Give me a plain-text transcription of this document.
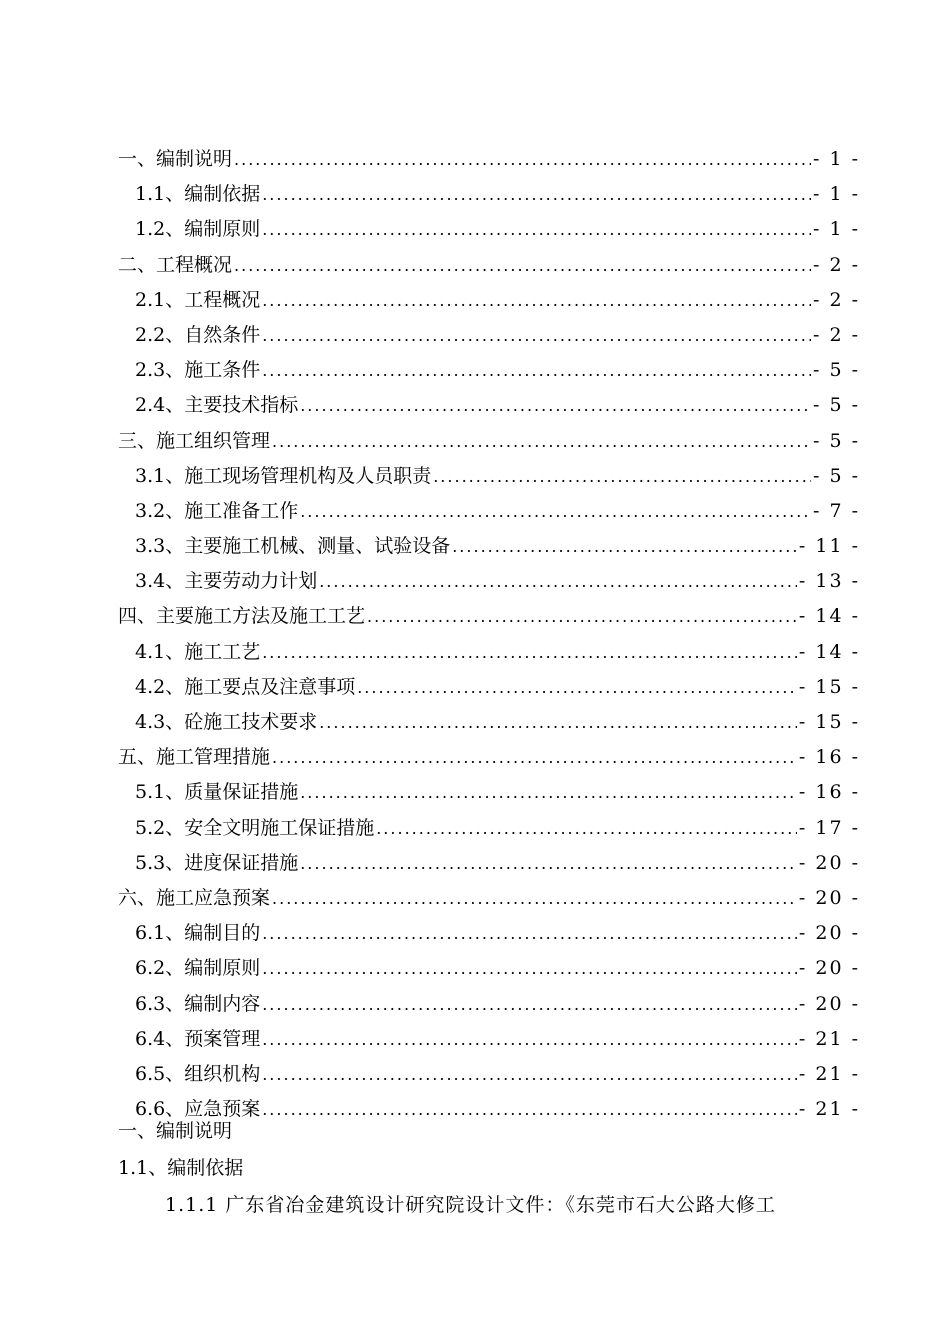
一、编制说明 .....	- 1 -
1.1、编制依据 .....	- 1 -
1.2、编制原则 .....	- 1 -
二、工程概况 .....	- 2 -
2.1、工程概况 .....	- 2 -
2.2、自然条件 .....	- 2 -
2.3、施工条件 .....	- 5 -
2.4、主要技术指标 .....	- 5 -
三、施工组织管理 .....	- 5 -
3.1、施工现场管理机构及人员职责 .....	- 5 -
3.2、施工准备工作 .....	- 7 -
3.3、主要施工机械、测量、试验设备 .....	- 11 -
3.4、主要劳动力计划 .....	- 13 -
四、主要施工方法及施工工艺 .....	- 14 -
4.1、施工工艺 .....	- 14 -
4.2、施工要点及注意事项 .....	- 15 -
4.3、砼施工技术要求 .....	- 15 -
五、施工管理措施 .....	- 16 -
5.1、质量保证措施 .....	- 16 -
5.2、安全文明施工保证措施 .....	- 17 -
5.3、进度保证措施 .....	- 20 -
六、施工应急预案 .....	- 20 -
6.1、编制目的 .....	- 20 -
6.2、编制原则 .....	- 20 -
6.3、编制内容 .....	- 20 -
6.4、预案管理 .....	- 21 -
6.5、组织机构 .....	- 21 -
6.6、应急预案 .....	- 21 -
一、编制说明
1.1、编制依据
1.1.1 广东省冶金建筑设计研究院设计文件：《东莞市石大公路大修工
